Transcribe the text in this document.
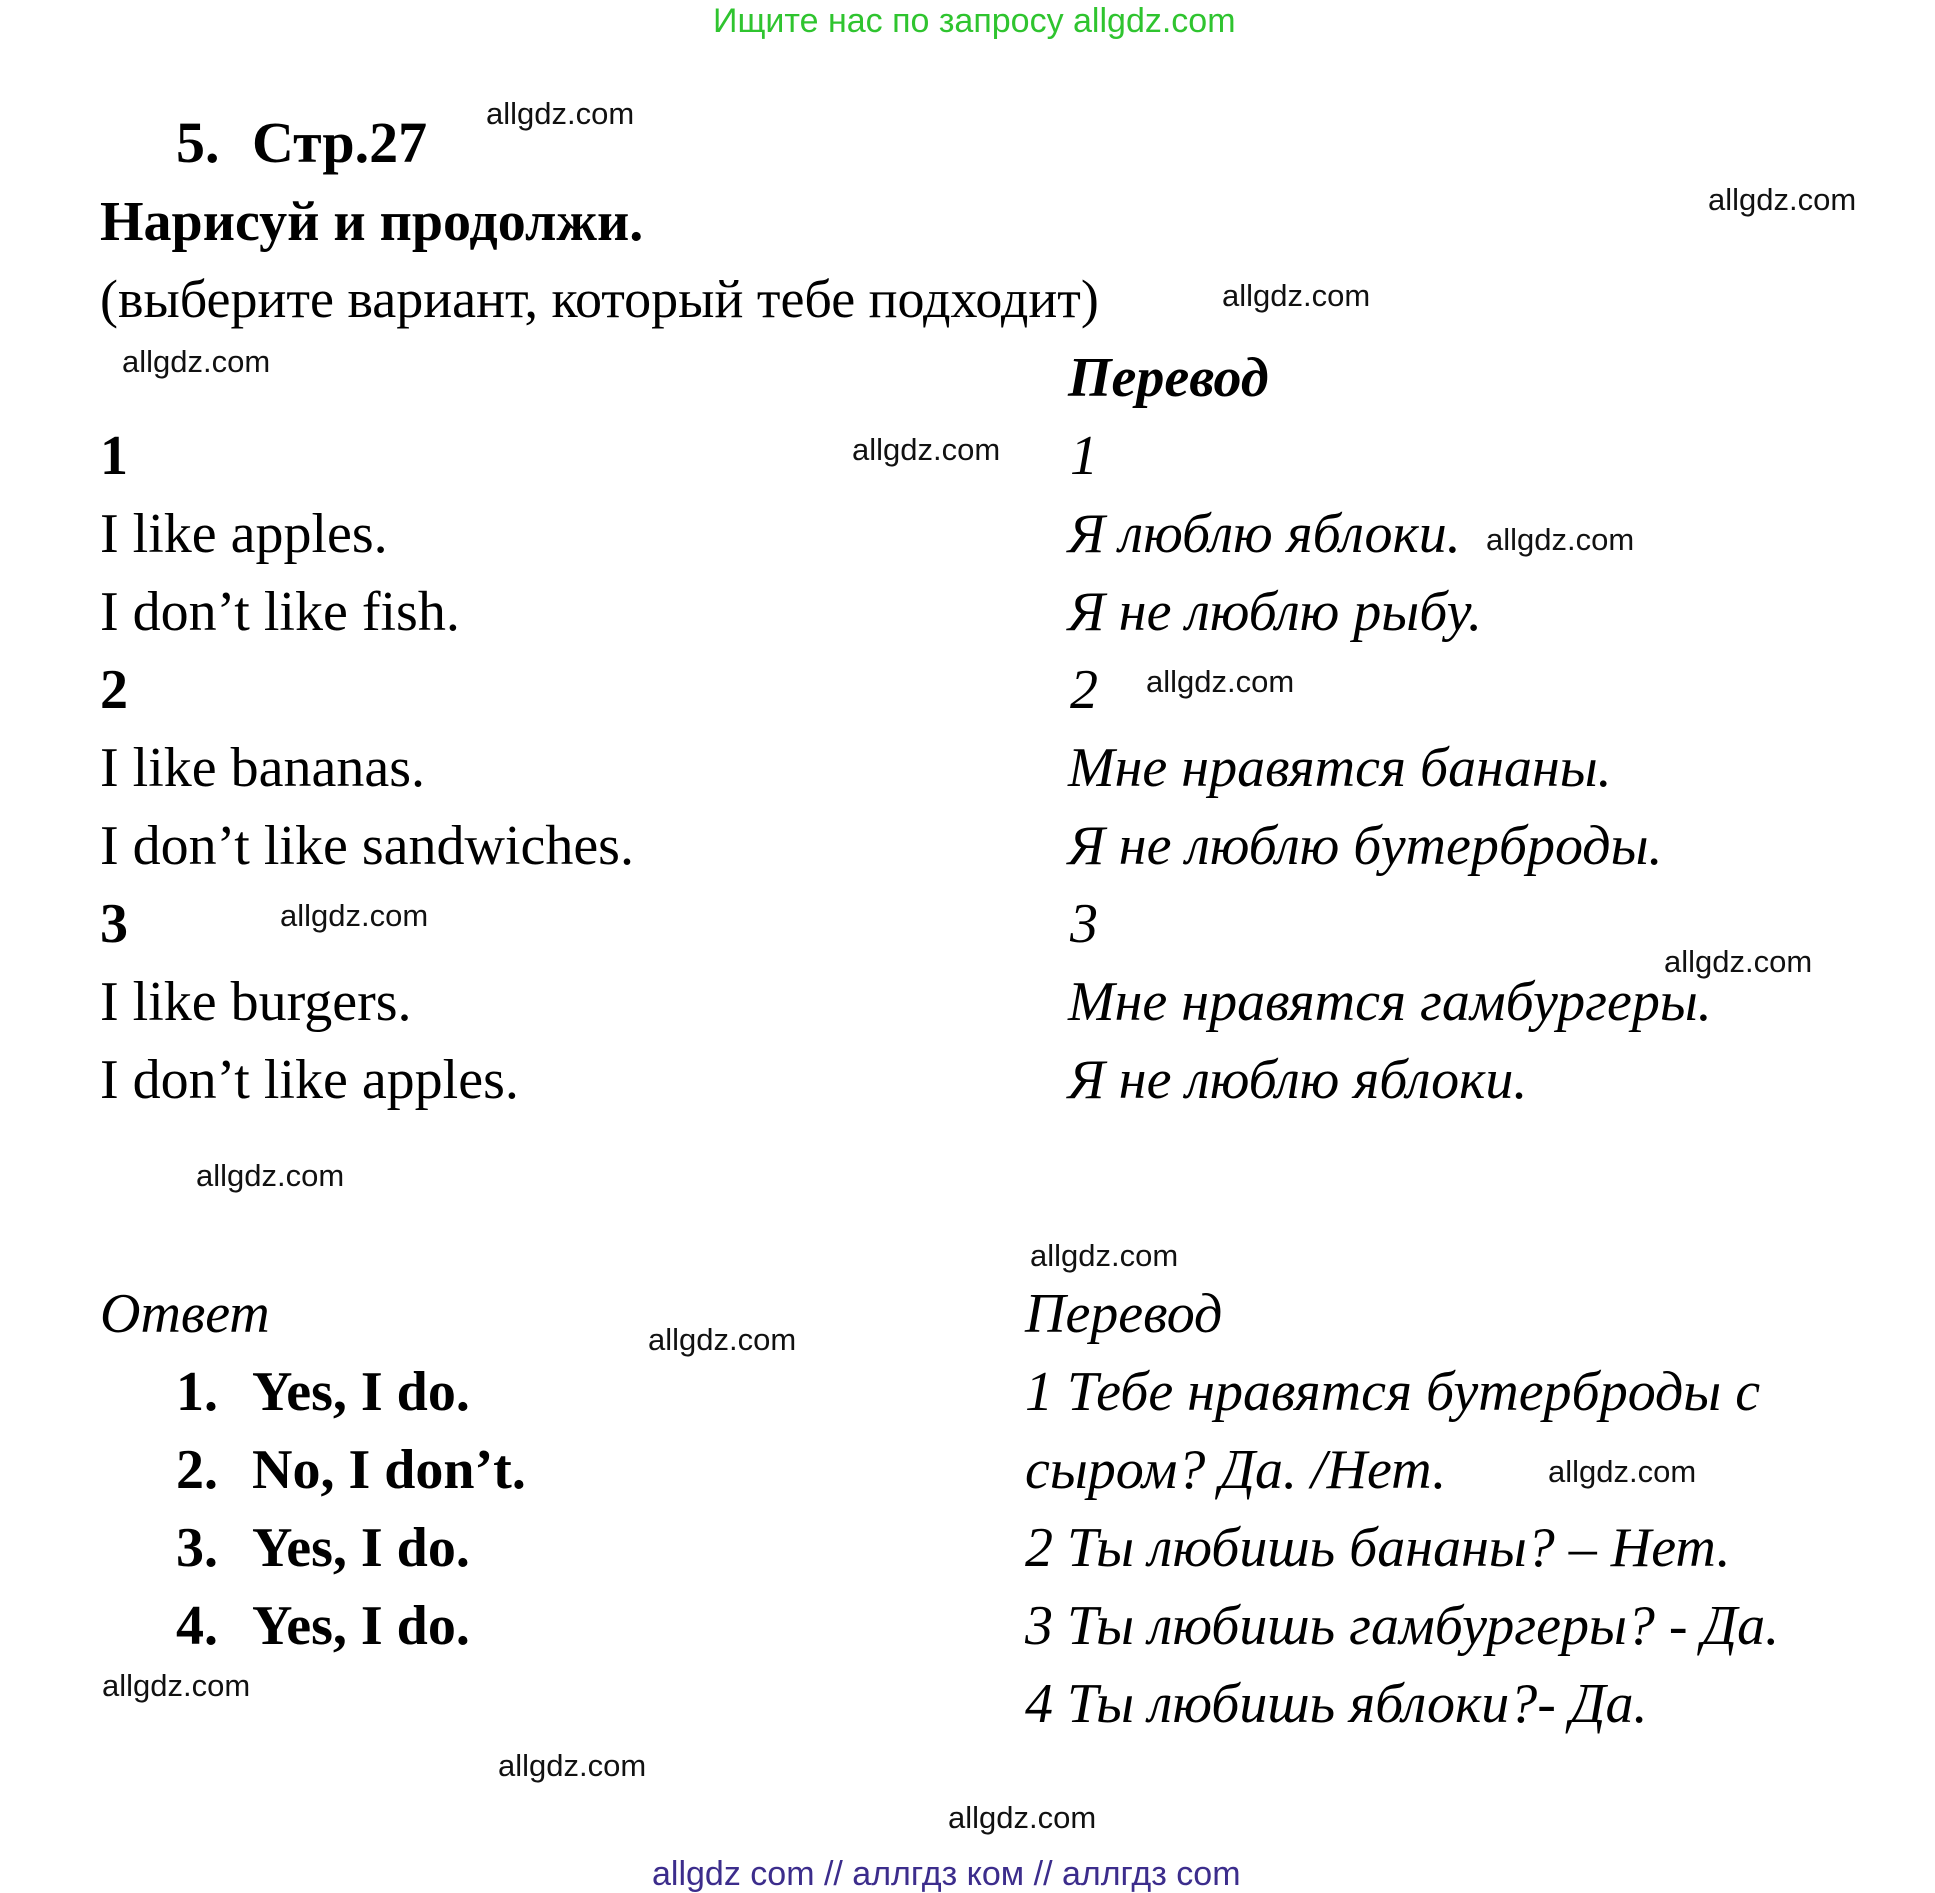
Ищите нас по запросу allgdz.com
5. Стр.27
Нарисуй и продолжи.
(выберите вариант, который тебе подходит)
Перевод
1
I like apples.
I don’t like fish.
2
I like bananas.
I don’t like sandwiches.
3
I like burgers.
I don’t like apples.
1
Я люблю яблоки.
Я не люблю рыбу.
2
Мне нравятся бананы.
Я не люблю бутерброды.
3
Мне нравятся гамбургеры.
Я не люблю яблоки.
Ответ
1. Yes, I do.
2. No, I don’t.
3. Yes, I do.
4. Yes, I do.
Перевод
1 Тебе нравятся бутерброды с
сыром? Да. /Нет.
2 Ты любишь бананы? – Нет.
3 Ты любишь гамбургеры? - Да.
4 Ты любишь яблоки?- Да.
allgdz.com
allgdz.com
allgdz.com
allgdz.com
allgdz.com
allgdz.com
allgdz.com
allgdz.com
allgdz.com
allgdz.com
allgdz.com
allgdz.com
allgdz.com
allgdz.com
allgdz.com
allgdz.com
allgdz com // аллгдз ком // аллгдз com
